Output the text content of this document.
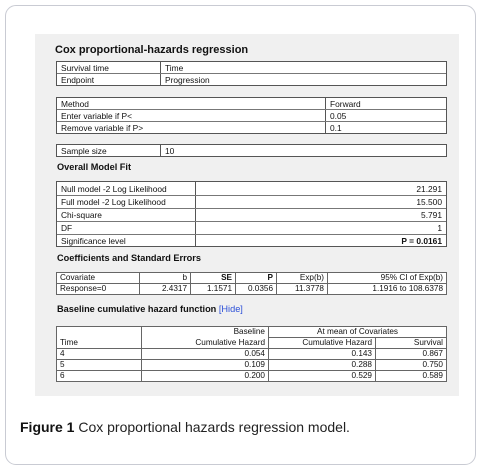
Cox proportional-hazards regression
Survival time	Time
Endpoint	Progression
Method	Forward
Enter variable if P<	0.05
Remove variable if P>	0.1
Sample size	10
Overall Model Fit
Null model -2 Log Likelihood	21.291
Full model -2 Log Likelihood	15.500
Chi-square	5.791
DF	1
Significance level	P = 0.0161
Coefficients and Standard Errors
Covariate	b	SE	P	Exp(b)	95% CI of Exp(b)
Response=0	2.4317	1.1571	0.0356	11.3778	1.1916 to 108.6378
Baseline cumulative hazard function [Hide]
	Baseline	At mean of Covariates	
Time	Cumulative Hazard	Cumulative Hazard	Survival
4	0.054	0.143	0.867
5	0.109	0.288	0.750
6	0.200	0.529	0.589
Figure 1 Cox proportional hazards regression model.
